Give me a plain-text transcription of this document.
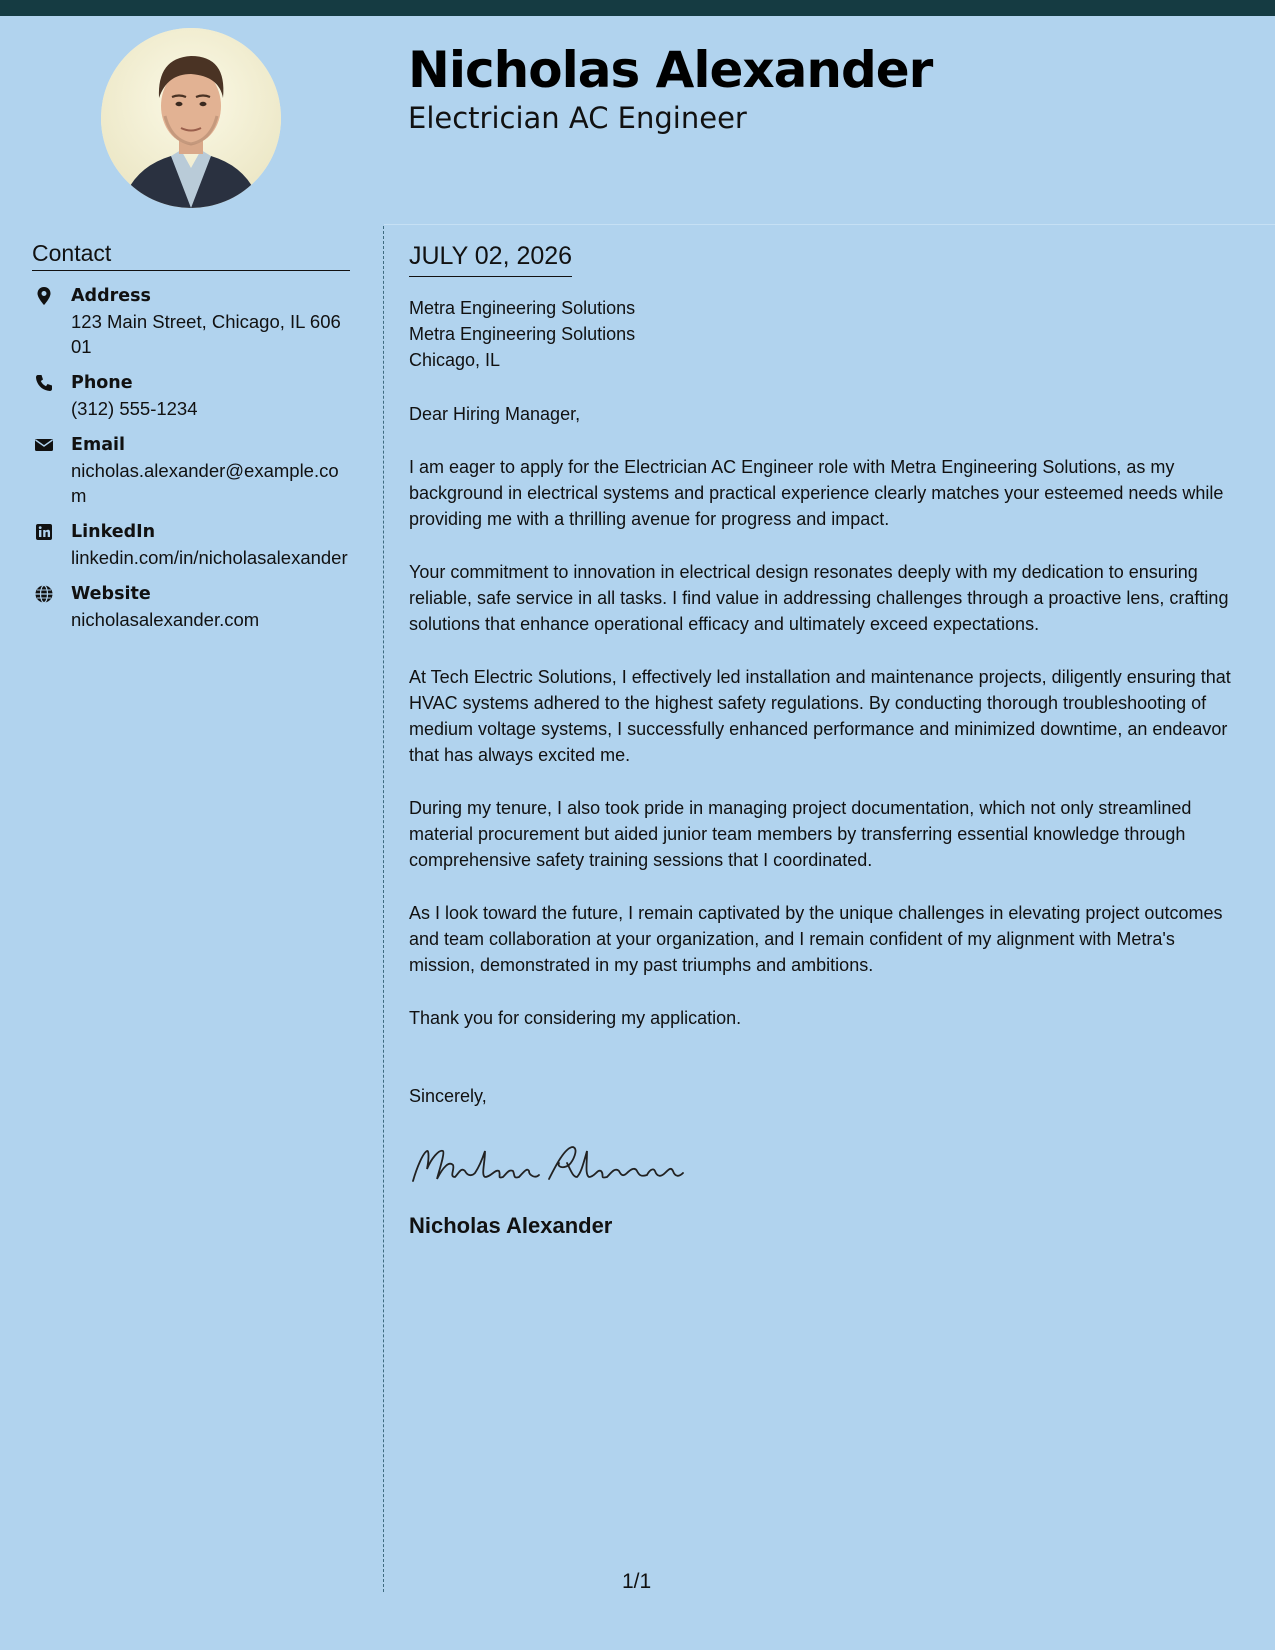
Nicholas Alexander
Electrician AC Engineer
Contact
Address
123 Main Street, Chicago, IL 60601
Phone
(312) 555-1234
Email
nicholas.alexander@example.com
LinkedIn
linkedin.com/in/nicholasalexander
Website
nicholasalexander.com
JULY 02, 2026
Metra Engineering Solutions
Metra Engineering Solutions
Chicago, IL

Dear Hiring Manager,

I am eager to apply for the Electrician AC Engineer role with Metra Engineering Solutions, as my background in electrical systems and practical experience clearly matches your esteemed needs while providing me with a thrilling avenue for progress and impact.

Your commitment to innovation in electrical design resonates deeply with my dedication to ensuring reliable, safe service in all tasks. I find value in addressing challenges through a proactive lens, crafting solutions that enhance operational efficacy and ultimately exceed expectations.

At Tech Electric Solutions, I effectively led installation and maintenance projects, diligently ensuring that HVAC systems adhered to the highest safety regulations. By conducting thorough troubleshooting of medium voltage systems, I successfully enhanced performance and minimized downtime, an endeavor that has always excited me.

During my tenure, I also took pride in managing project documentation, which not only streamlined material procurement but aided junior team members by transferring essential knowledge through comprehensive safety training sessions that I coordinated.

As I look toward the future, I remain captivated by the unique challenges in elevating project outcomes and team collaboration at your organization, and I remain confident of my alignment with Metra's mission, demonstrated in my past triumphs and ambitions.

Thank you for considering my application.

Sincerely,
Nicholas Alexander
1/1
